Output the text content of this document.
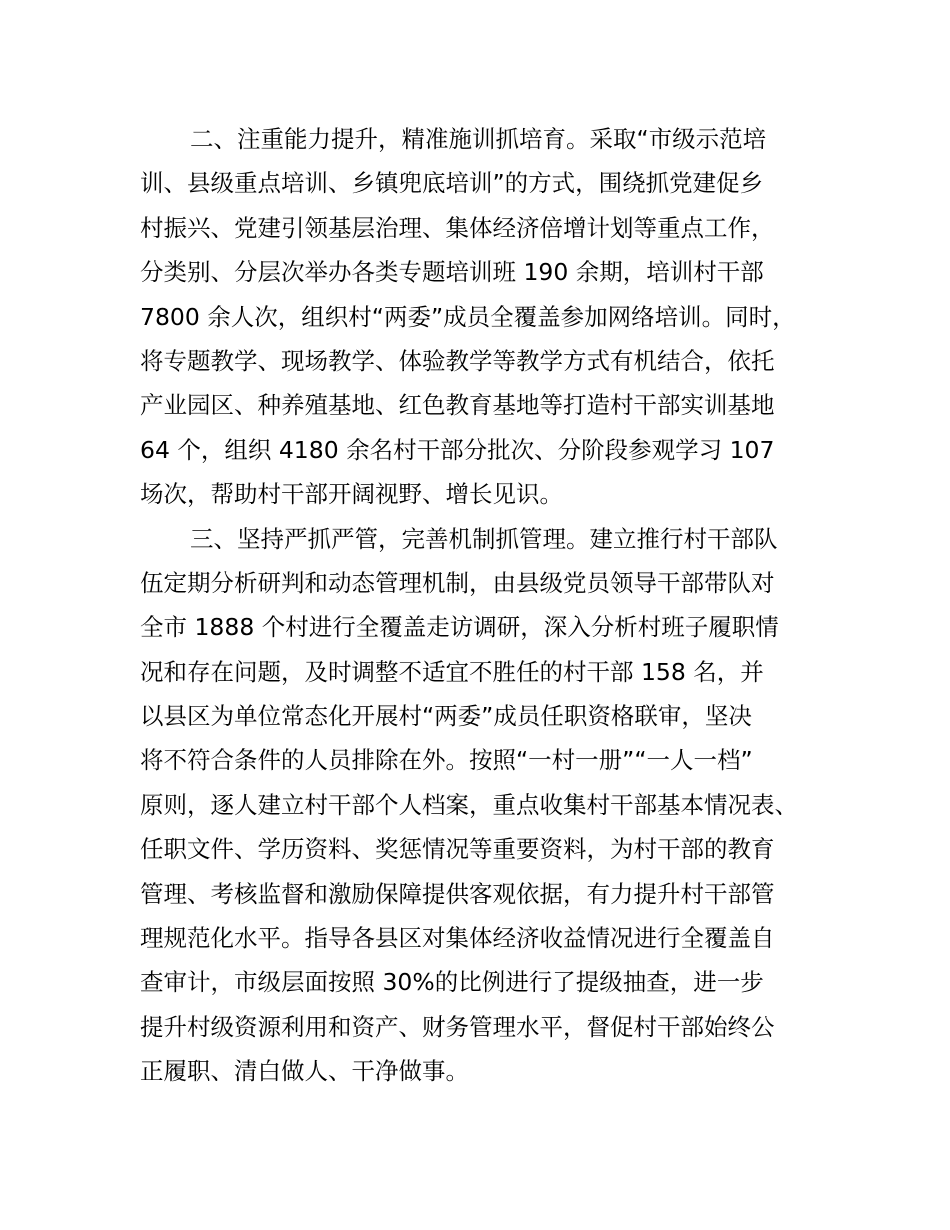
二、注重能力提升，精准施训抓培育。采取“市级示范培
训、县级重点培训、乡镇兜底培训”的方式，围绕抓党建促乡
村振兴、党建引领基层治理、集体经济倍增计划等重点工作，
分类别、分层次举办各类专题培训班 190 余期，培训村干部
7800 余人次，组织村“两委”成员全覆盖参加网络培训。同时，
将专题教学、现场教学、体验教学等教学方式有机结合，依托
产业园区、种养殖基地、红色教育基地等打造村干部实训基地
64 个，组织 4180 余名村干部分批次、分阶段参观学习 107
场次，帮助村干部开阔视野、增长见识。
三、坚持严抓严管，完善机制抓管理。建立推行村干部队
伍定期分析研判和动态管理机制，由县级党员领导干部带队对
全市 1888 个村进行全覆盖走访调研，深入分析村班子履职情
况和存在问题，及时调整不适宜不胜任的村干部 158 名，并
以县区为单位常态化开展村“两委”成员任职资格联审，坚决
将不符合条件的人员排除在外。按照“一村一册”“一人一档”
原则，逐人建立村干部个人档案，重点收集村干部基本情况表、
任职文件、学历资料、奖惩情况等重要资料，为村干部的教育
管理、考核监督和激励保障提供客观依据，有力提升村干部管
理规范化水平。指导各县区对集体经济收益情况进行全覆盖自
查审计，市级层面按照 30%的比例进行了提级抽查，进一步
提升村级资源利用和资产、财务管理水平，督促村干部始终公
正履职、清白做人、干净做事。
